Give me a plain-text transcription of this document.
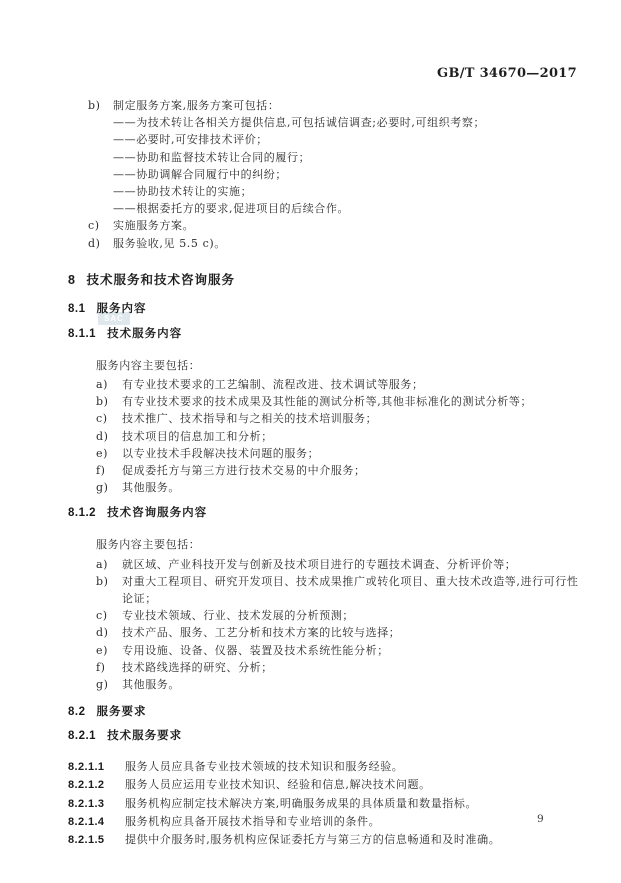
GB/T 34670—2017
SAC
b)	制定服务方案,服务方案可包括：
——为技术转让各相关方提供信息,可包括诚信调查;必要时,可组织考察；
——必要时,可安排技术评价；
——协助和监督技术转让合同的履行；
——协助调解合同履行中的纠纷；
——协助技术转让的实施；
——根据委托方的要求,促进项目的后续合作。
c)	实施服务方案。
d)	服务验收,见 5.5 c)。
8 技术服务和技术咨询服务
8.1 服务内容
8.1.1 技术服务内容
服务内容主要包括：
a)	有专业技术要求的工艺编制、流程改进、技术调试等服务；
b)	有专业技术要求的技术成果及其性能的测试分析等,其他非标准化的测试分析等；
c)	技术推广、技术指导和与之相关的技术培训服务；
d)	技术项目的信息加工和分析；
e)	以专业技术手段解决技术问题的服务；
f)	促成委托方与第三方进行技术交易的中介服务；
g)	其他服务。
8.1.2 技术咨询服务内容
服务内容主要包括：
a)	就区域、产业科技开发与创新及技术项目进行的专题技术调查、分析评价等；
b)	对重大工程项目、研究开发项目、技术成果推广或转化项目、重大技术改造等,进行可行性论证；
c)	专业技术领域、行业、技术发展的分析预测；
d)	技术产品、服务、工艺分析和技术方案的比较与选择；
e)	专用设施、设备、仪器、装置及技术系统性能分析；
f)	技术路线选择的研究、分析；
g)	其他服务。
8.2 服务要求
8.2.1 技术服务要求
8.2.1.1	服务人员应具备专业技术领域的技术知识和服务经验。
8.2.1.2	服务人员应运用专业技术知识、经验和信息,解决技术问题。
8.2.1.3	服务机构应制定技术解决方案,明确服务成果的具体质量和数量指标。
8.2.1.4	服务机构应具备开展技术指导和专业培训的条件。
8.2.1.5	提供中介服务时,服务机构应保证委托方与第三方的信息畅通和及时准确。
9
